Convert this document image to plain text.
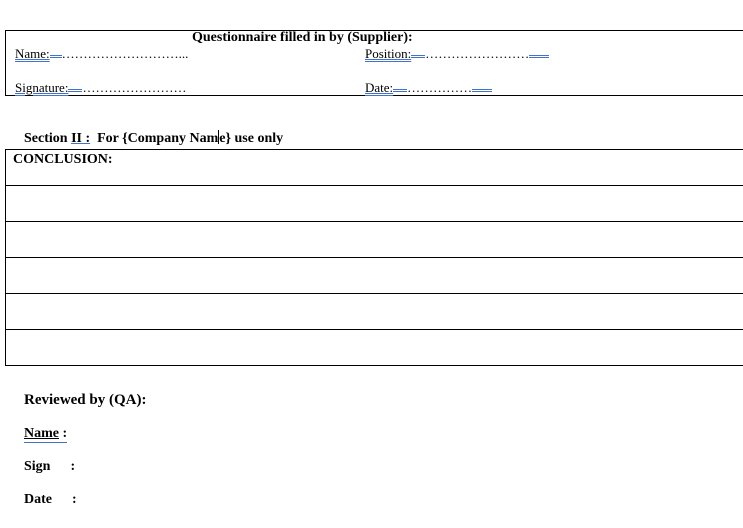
Questionnaire filled in by (Supplier):
Name: ………………………...	Position: ……………………
Signature: ……………………	Date: ……………
Section II :  For {Company Name} use only
CONCLUSION:
Reviewed by (QA):
Name :
Sign :
Date :
